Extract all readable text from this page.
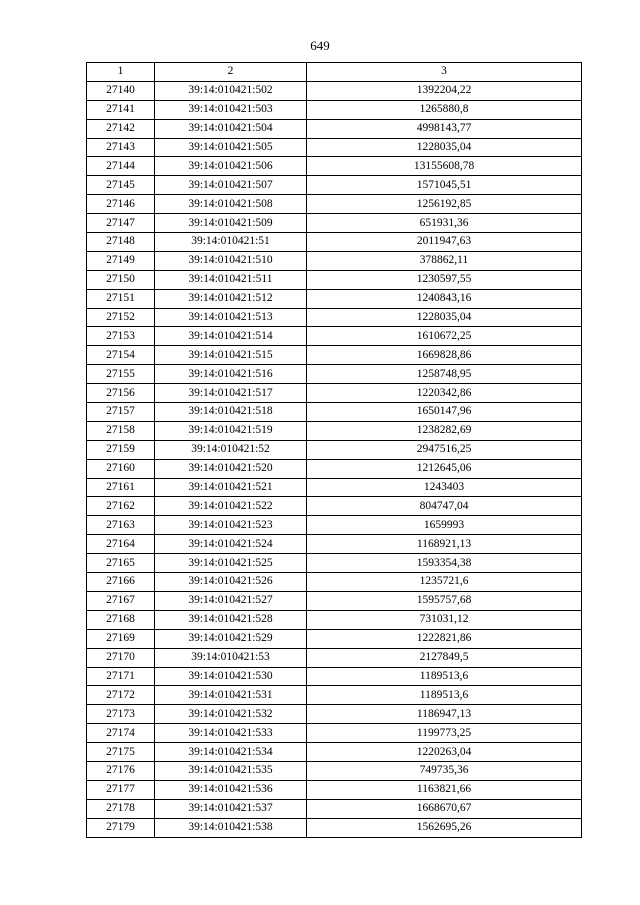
649
1	2	3
27140	39:14:010421:502	1392204,22
27141	39:14:010421:503	1265880,8
27142	39:14:010421:504	4998143,77
27143	39:14:010421:505	1228035,04
27144	39:14:010421:506	13155608,78
27145	39:14:010421:507	1571045,51
27146	39:14:010421:508	1256192,85
27147	39:14:010421:509	651931,36
27148	39:14:010421:51	2011947,63
27149	39:14:010421:510	378862,11
27150	39:14:010421:511	1230597,55
27151	39:14:010421:512	1240843,16
27152	39:14:010421:513	1228035,04
27153	39:14:010421:514	1610672,25
27154	39:14:010421:515	1669828,86
27155	39:14:010421:516	1258748,95
27156	39:14:010421:517	1220342,86
27157	39:14:010421:518	1650147,96
27158	39:14:010421:519	1238282,69
27159	39:14:010421:52	2947516,25
27160	39:14:010421:520	1212645,06
27161	39:14:010421:521	1243403
27162	39:14:010421:522	804747,04
27163	39:14:010421:523	1659993
27164	39:14:010421:524	1168921,13
27165	39:14:010421:525	1593354,38
27166	39:14:010421:526	1235721,6
27167	39:14:010421:527	1595757,68
27168	39:14:010421:528	731031,12
27169	39:14:010421:529	1222821,86
27170	39:14:010421:53	2127849,5
27171	39:14:010421:530	1189513,6
27172	39:14:010421:531	1189513,6
27173	39:14:010421:532	1186947,13
27174	39:14:010421:533	1199773,25
27175	39:14:010421:534	1220263,04
27176	39:14:010421:535	749735,36
27177	39:14:010421:536	1163821,66
27178	39:14:010421:537	1668670,67
27179	39:14:010421:538	1562695,26
